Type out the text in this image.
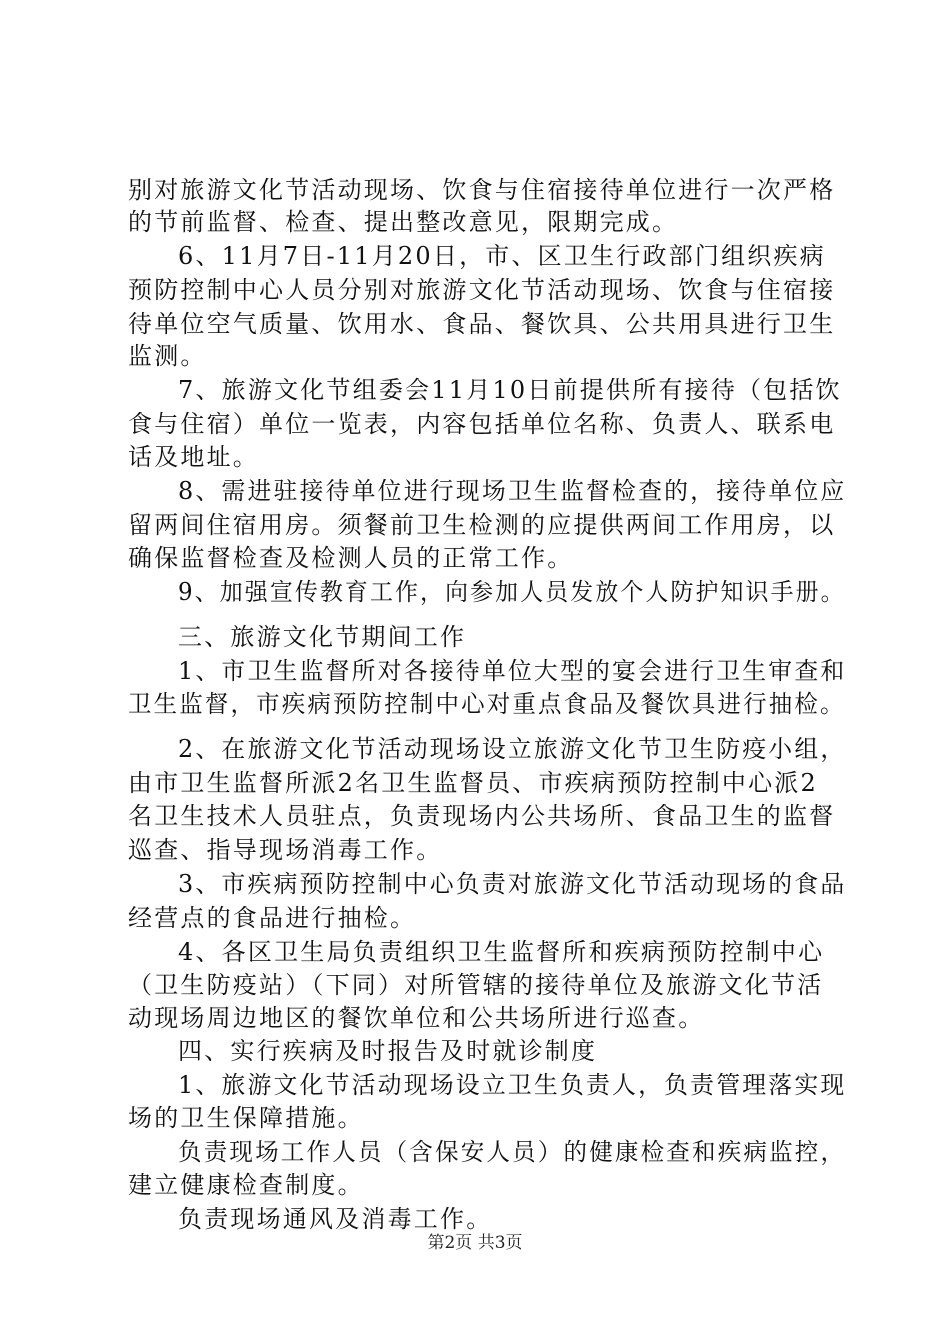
别对旅游文化节活动现场、饮食与住宿接待单位进行一次严格
的节前监督、检查、提出整改意见，限期完成。
6、11月7日-11月20日，市、区卫生行政部门组织疾病
预防控制中心人员分别对旅游文化节活动现场、饮食与住宿接
待单位空气质量、饮用水、食品、餐饮具、公共用具进行卫生
监测。
7、旅游文化节组委会11月10日前提供所有接待（包括饮
食与住宿）单位一览表，内容包括单位名称、负责人、联系电
话及地址。
8、需进驻接待单位进行现场卫生监督检查的，接待单位应
留两间住宿用房。须餐前卫生检测的应提供两间工作用房，以
确保监督检查及检测人员的正常工作。
9、加强宣传教育工作，向参加人员发放个人防护知识手册。
三、旅游文化节期间工作
1、市卫生监督所对各接待单位大型的宴会进行卫生审查和
卫生监督，市疾病预防控制中心对重点食品及餐饮具进行抽检。
2、在旅游文化节活动现场设立旅游文化节卫生防疫小组，
由市卫生监督所派2名卫生监督员、市疾病预防控制中心派2
名卫生技术人员驻点，负责现场内公共场所、食品卫生的监督
巡查、指导现场消毒工作。
3、市疾病预防控制中心负责对旅游文化节活动现场的食品
经营点的食品进行抽检。
4、各区卫生局负责组织卫生监督所和疾病预防控制中心
（卫生防疫站）（下同）对所管辖的接待单位及旅游文化节活
动现场周边地区的餐饮单位和公共场所进行巡查。
四、实行疾病及时报告及时就诊制度
1、旅游文化节活动现场设立卫生负责人，负责管理落实现
场的卫生保障措施。
负责现场工作人员（含保安人员）的健康检查和疾病监控，
建立健康检查制度。
负责现场通风及消毒工作。
第2页 共3页
